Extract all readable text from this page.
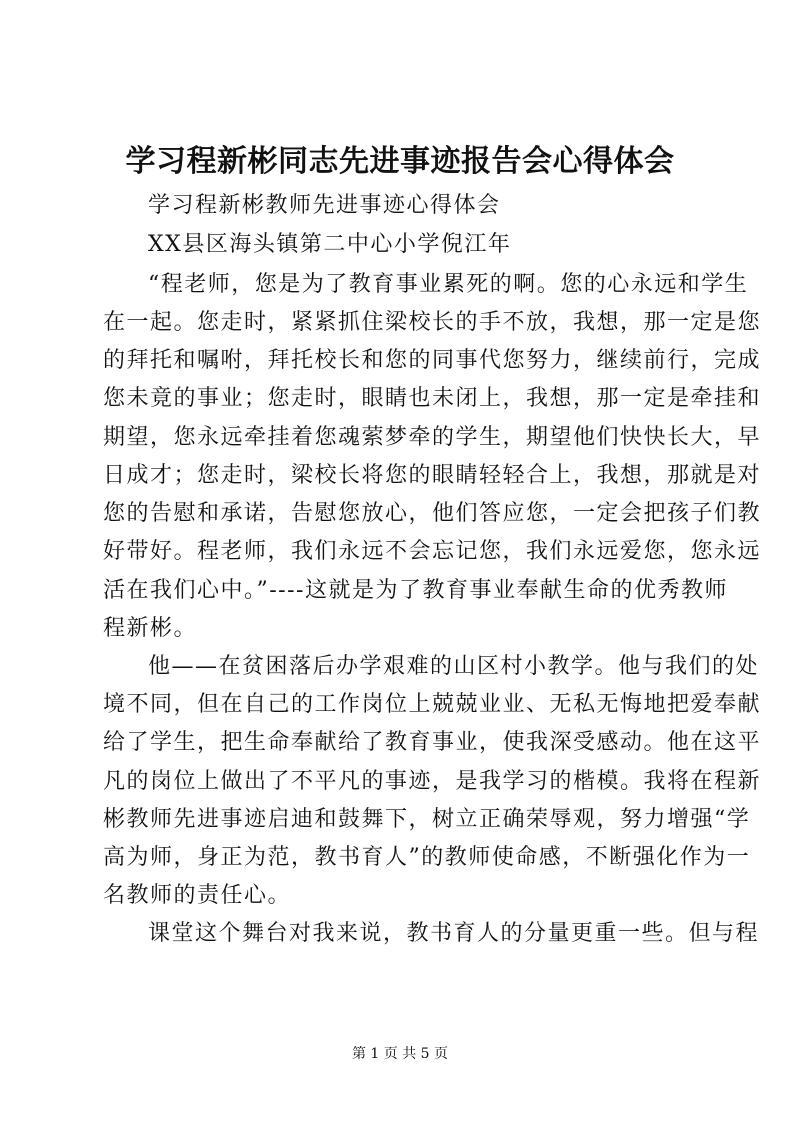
学习程新彬同志先进事迹报告会心得体会
学习程新彬教师先进事迹心得体会
XX县区海头镇第二中心小学倪江年
“程老师，您是为了教育事业累死的啊。您的心永远和学生
在一起。您走时，紧紧抓住梁校长的手不放，我想，那一定是您
的拜托和嘱咐，拜托校长和您的同事代您努力，继续前行，完成
您未竟的事业；您走时，眼睛也未闭上，我想，那一定是牵挂和
期望，您永远牵挂着您魂萦梦牵的学生，期望他们快快长大，早
日成才；您走时，梁校长将您的眼睛轻轻合上，我想，那就是对
您的告慰和承诺，告慰您放心，他们答应您，一定会把孩子们教
好带好。程老师，我们永远不会忘记您，我们永远爱您，您永远
活在我们心中。”----这就是为了教育事业奉献生命的优秀教师
程新彬。
他——在贫困落后办学艰难的山区村小教学。他与我们的处
境不同，但在自己的工作岗位上兢兢业业、无私无悔地把爱奉献
给了学生，把生命奉献给了教育事业，使我深受感动。他在这平
凡的岗位上做出了不平凡的事迹，是我学习的楷模。我将在程新
彬教师先进事迹启迪和鼓舞下，树立正确荣辱观，努力增强“学
高为师，身正为范，教书育人”的教师使命感，不断强化作为一
名教师的责任心。
课堂这个舞台对我来说，教书育人的分量更重一些。但与程
第 1 页 共 5 页
